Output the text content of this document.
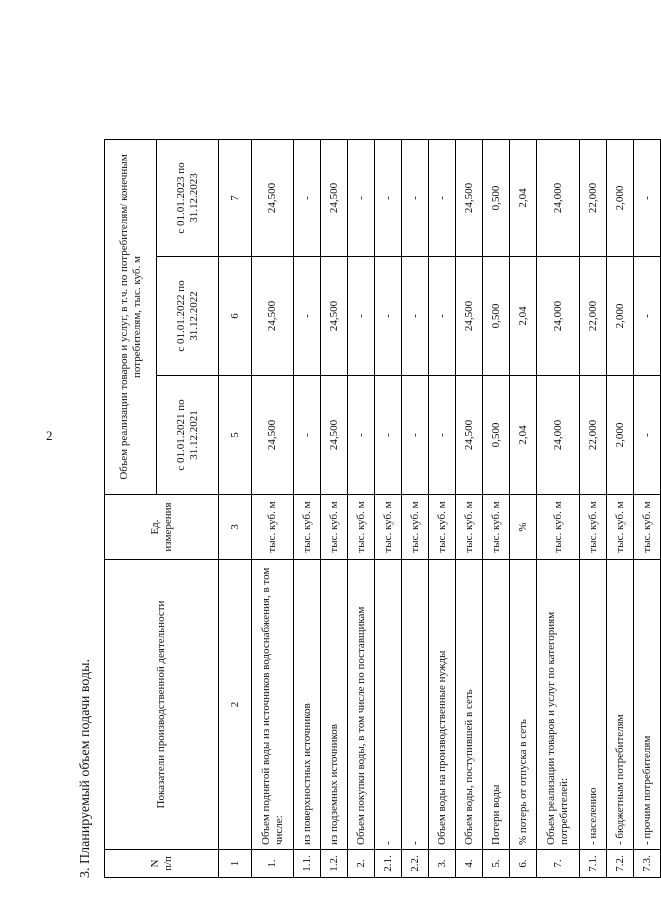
2
3. Планируемый объем подачи воды.	N п/п	Показатели производственной деятельности	Ед. измерения	Объем реализации товаров и услуг, в т.ч. по потребителям/ конечным потребителям, тыс. куб. м		
			с 01.01.2021 по 31.12.2021	с 01.01.2022 по 31.12.2022	с 01.01.2023 по 31.12.2023
1	2	3	5	6	7
1.	Объем поднятой воды из источников водоснабжения, в том числе:	тыс. куб. м	24,500	24,500	24,500
1.1.	из поверхностных источников	тыс. куб. м	-	-	-
1.2.	из подземных источников	тыс. куб. м	24,500	24,500	24,500
2.	Объем покупки воды, в том числе по поставщикам	тыс. куб. м	-	-	-
2.1.	-	тыс. куб. м	-	-	-
2.2.	-	тыс. куб. м	-	-	-
3.	Объем воды на производственные нужды	тыс. куб. м	-	-	-
4.	Объем воды, поступившей в сеть	тыс. куб. м	24,500	24,500	24,500
5.	Потери воды	тыс. куб. м	0,500	0,500	0,500
6.	% потерь от отпуска в сеть	%	2,04	2,04	2,04
7.	Объем реализации товаров и услуг по категориям потребителей:	тыс. куб. м	24,000	24,000	24,000
7.1.	- населению	тыс. куб. м	22,000	22,000	22,000
7.2.	- бюджетным потребителям	тыс. куб. м	2,000	2,000	2,000
7.3.	- прочим потребителям	тыс. куб. м	-	-	-
